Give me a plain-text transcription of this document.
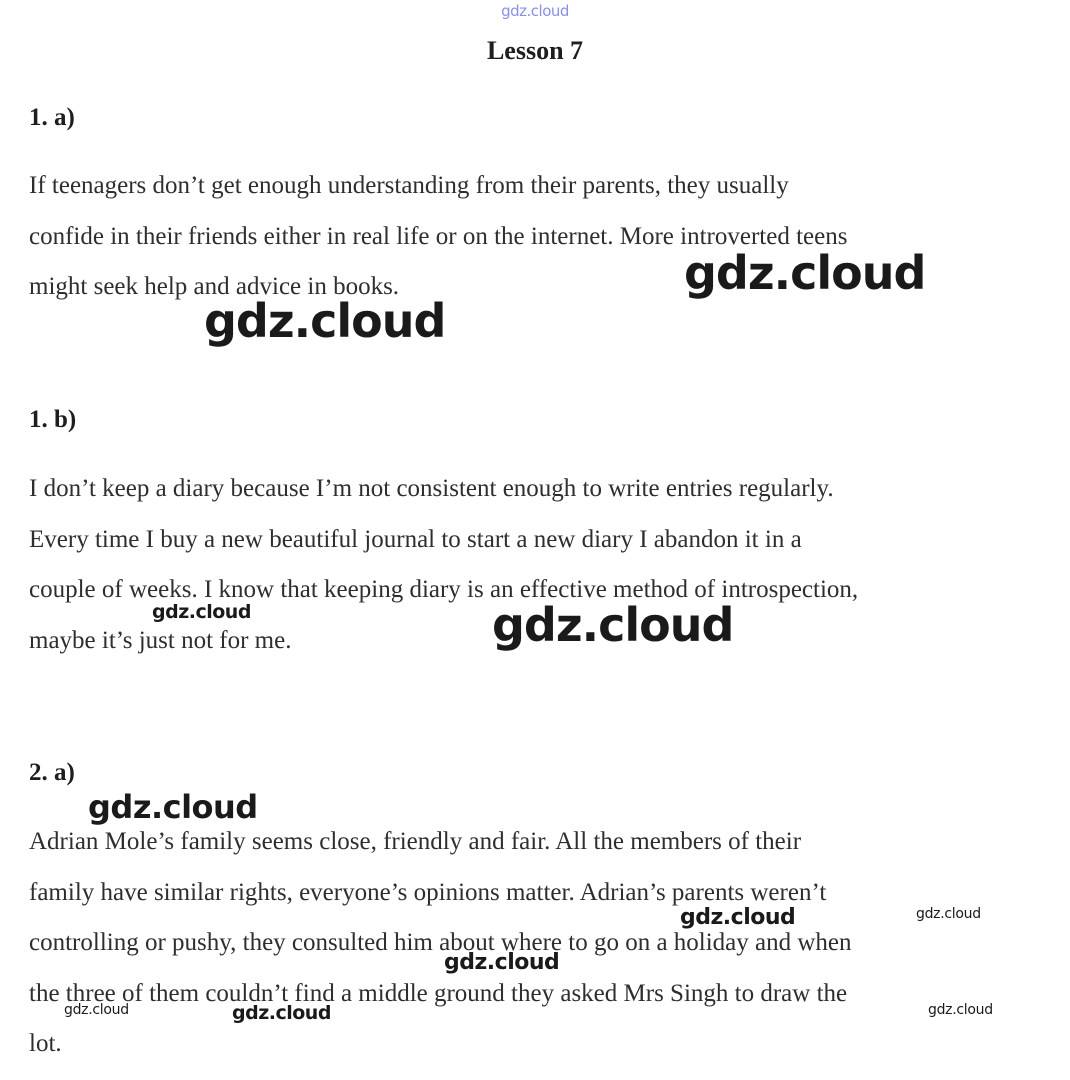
gdz.cloud
Lesson 7
1. a)

If teenagers don’t get enough understanding from their parents, they usually
confide in their friends either in real life or on the internet. More introverted teens
might seek help and advice in books.

1. b)

I don’t keep a diary because I’m not consistent enough to write entries regularly.
Every time I buy a new beautiful journal to start a new diary I abandon it in a
couple of weeks. I know that keeping diary is an effective method of introspection,
maybe it’s just not for me.

2. a)

Adrian Mole’s family seems close, friendly and fair. All the members of their
family have similar rights, everyone’s opinions matter. Adrian’s parents weren’t
controlling or pushy, they consulted him about where to go on a holiday and when
the three of them couldn’t find a middle ground they asked Mrs Singh to draw the
lot.

gdz.cloud
gdz.cloud
gdz.cloud	gdz.cloud
gdz.cloud
gdz.cloud	gdz.cloud
gdz.cloud
gdz.cloud	gdz.cloud	gdz.cloud
